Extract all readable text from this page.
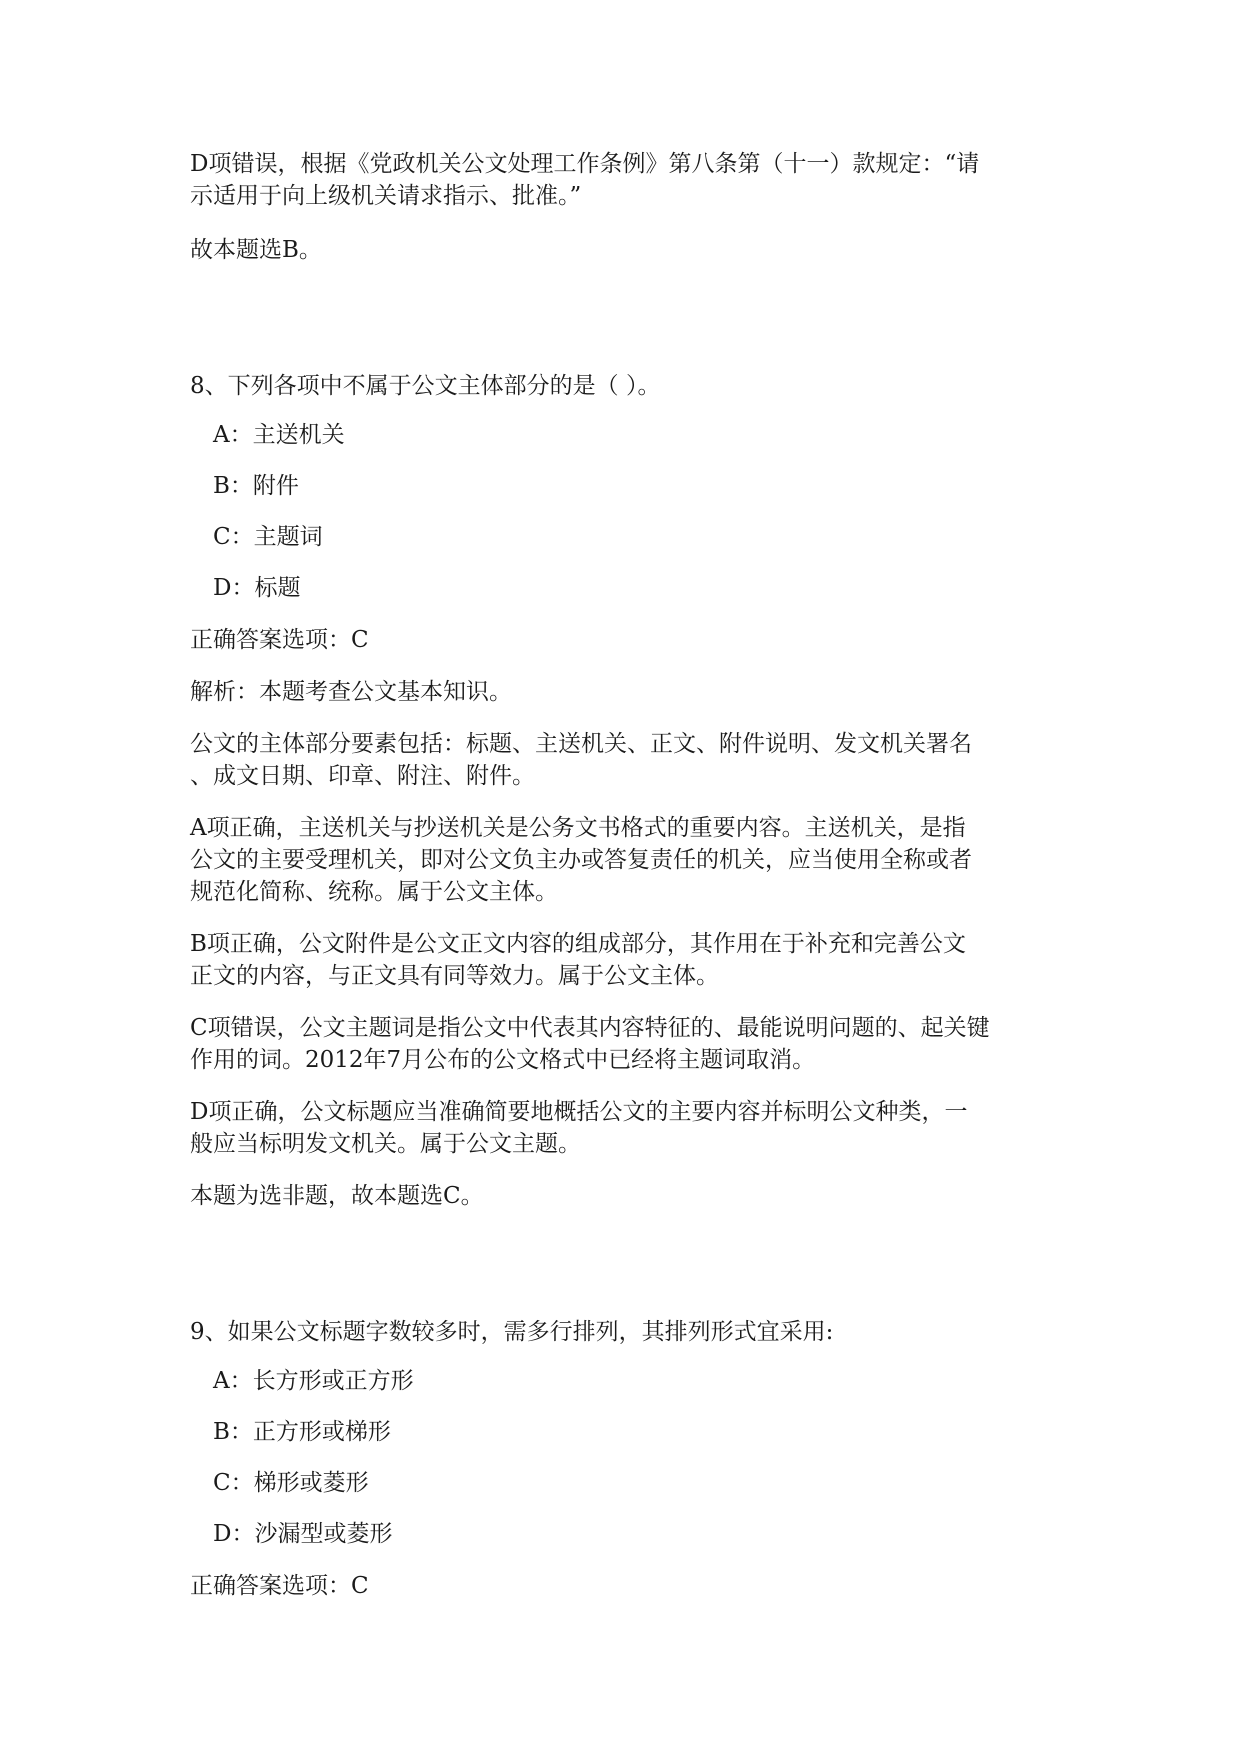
D项错误，根据《党政机关公文处理工作条例》第八条第（十一）款规定：“请
示适用于向上级机关请求指示、批准。”
故本题选B。
8、下列各项中不属于公文主体部分的是（ ）。
A：主送机关
B：附件
C：主题词
D：标题
正确答案选项：C
解析：本题考查公文基本知识。
公文的主体部分要素包括：标题、主送机关、正文、附件说明、发文机关署名
、成文日期、印章、附注、附件。
A项正确，主送机关与抄送机关是公务文书格式的重要内容。主送机关，是指
公文的主要受理机关，即对公文负主办或答复责任的机关，应当使用全称或者
规范化简称、统称。属于公文主体。
B项正确，公文附件是公文正文内容的组成部分，其作用在于补充和完善公文
正文的内容，与正文具有同等效力。属于公文主体。
C项错误，公文主题词是指公文中代表其内容特征的、最能说明问题的、起关键
作用的词。2012年7月公布的公文格式中已经将主题词取消。
D项正确，公文标题应当准确简要地概括公文的主要内容并标明公文种类，一
般应当标明发文机关。属于公文主题。
本题为选非题，故本题选C。
9、如果公文标题字数较多时，需多行排列，其排列形式宜采用:
A：长方形或正方形
B：正方形或梯形
C：梯形或菱形
D：沙漏型或菱形
正确答案选项：C
